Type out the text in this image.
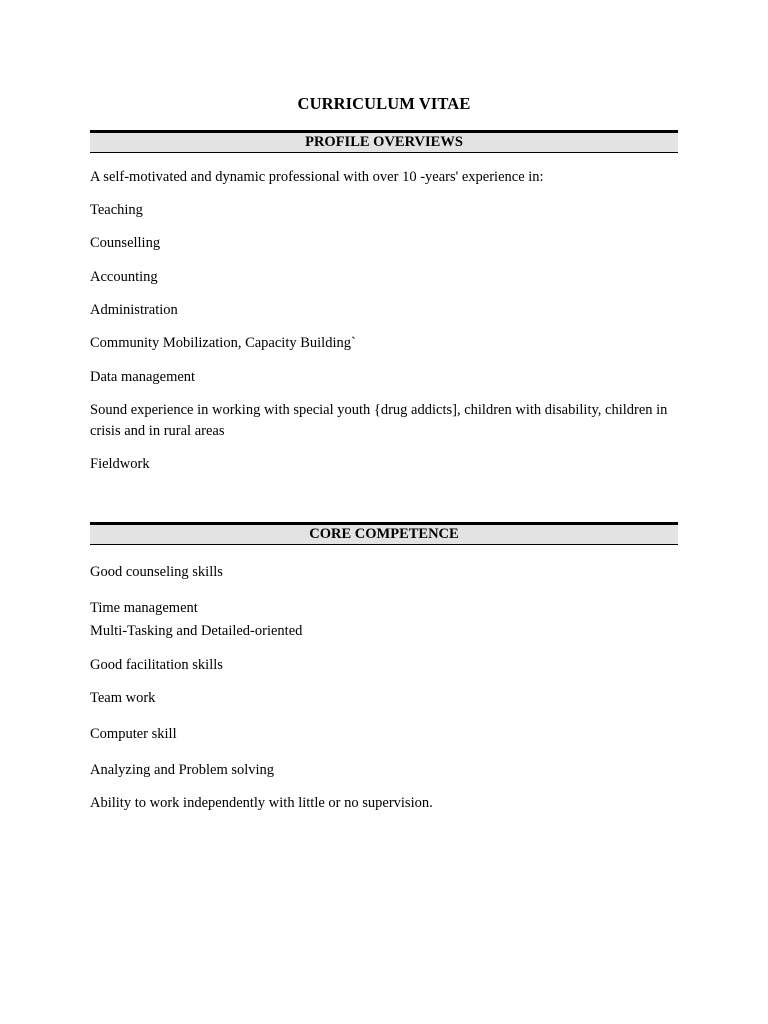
CURRICULUM VITAE
PROFILE OVERVIEWS
A self-motivated and dynamic professional with over 10 -years' experience in:
Teaching
Counselling
Accounting
Administration
Community Mobilization, Capacity Building`
Data management
Sound experience in working with special youth {drug addicts], children with disability, children in crisis and in rural areas
Fieldwork
CORE COMPETENCE
Good counseling skills
Time management
Multi-Tasking and Detailed-oriented
Good facilitation skills
Team work
Computer skill
Analyzing and Problem solving
Ability to work independently with little or no supervision.
